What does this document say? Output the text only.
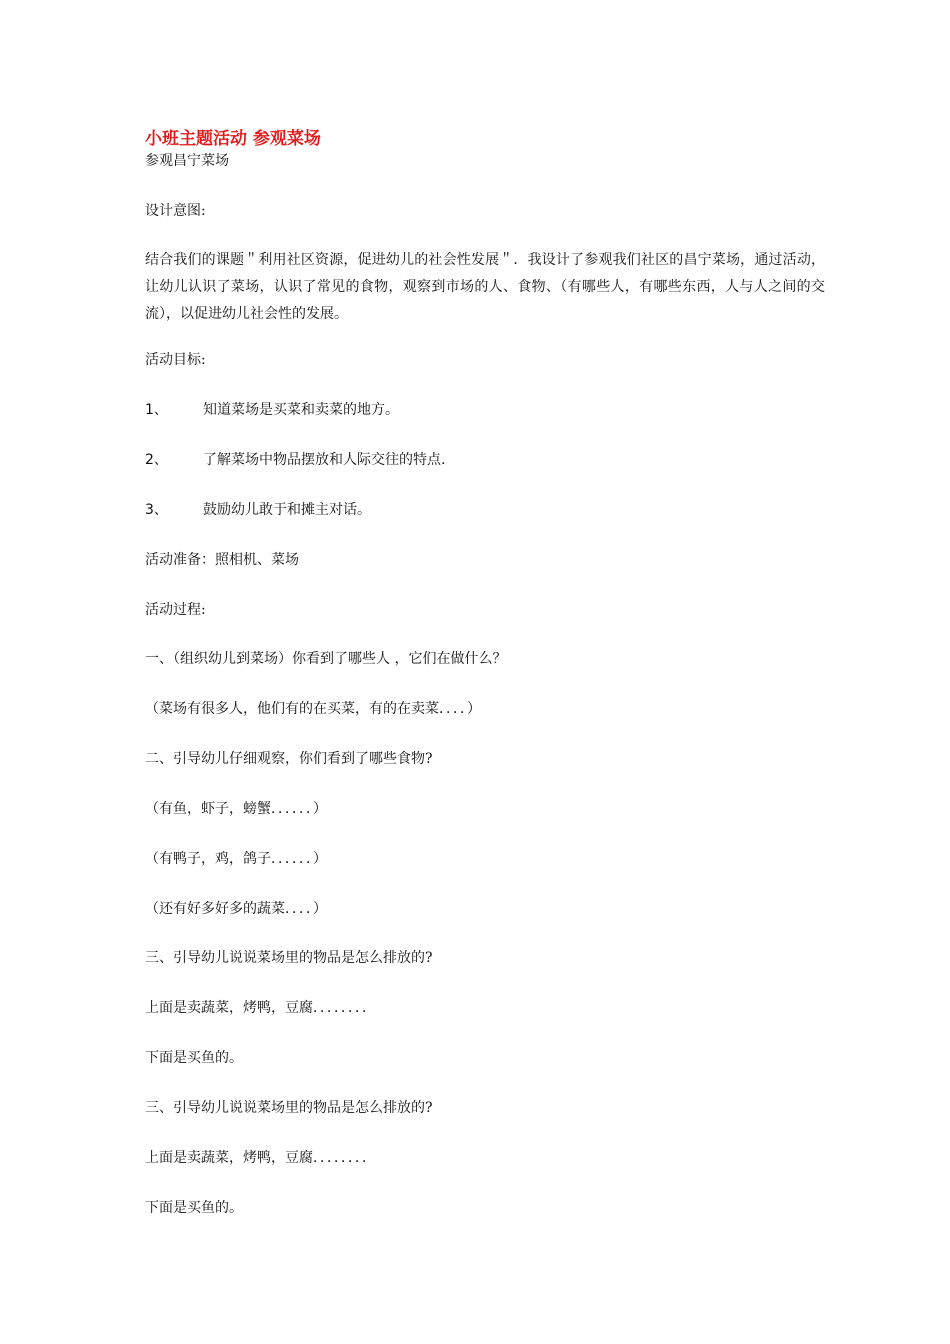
小班主题活动 参观菜场
参观昌宁菜场
设计意图:
结合我们的课题＂利用社区资源，促进幼儿的社会性发展＂．我设计了参观我们社区的昌宁菜场，通过活动，让幼儿认识了菜场，认识了常见的食物，观察到市场的人、食物、（有哪些人，有哪些东西，人与人之间的交流），以促进幼儿社会性的发展。
活动目标:
1、	知道菜场是买菜和卖菜的地方。
2、	了解菜场中物品摆放和人际交往的特点.
3、	鼓励幼儿敢于和摊主对话。
活动准备：照相机、菜场
活动过程:
一、（组织幼儿到菜场）你看到了哪些人 ，它们在做什么？
（菜场有很多人，他们有的在买菜，有的在卖菜．．．．）
二、引导幼儿仔细观察，你们看到了哪些食物?
（有鱼，虾子，螃蟹．．．．．．）
（有鸭子，鸡，鸽子．．．．．．）
（还有好多好多的蔬菜．．．．）
三、引导幼儿说说菜场里的物品是怎么排放的?
上面是卖蔬菜，烤鸭，豆腐．．．．．．．．
下面是买鱼的。
三、引导幼儿说说菜场里的物品是怎么排放的?
上面是卖蔬菜，烤鸭，豆腐．．．．．．．．
下面是买鱼的。
